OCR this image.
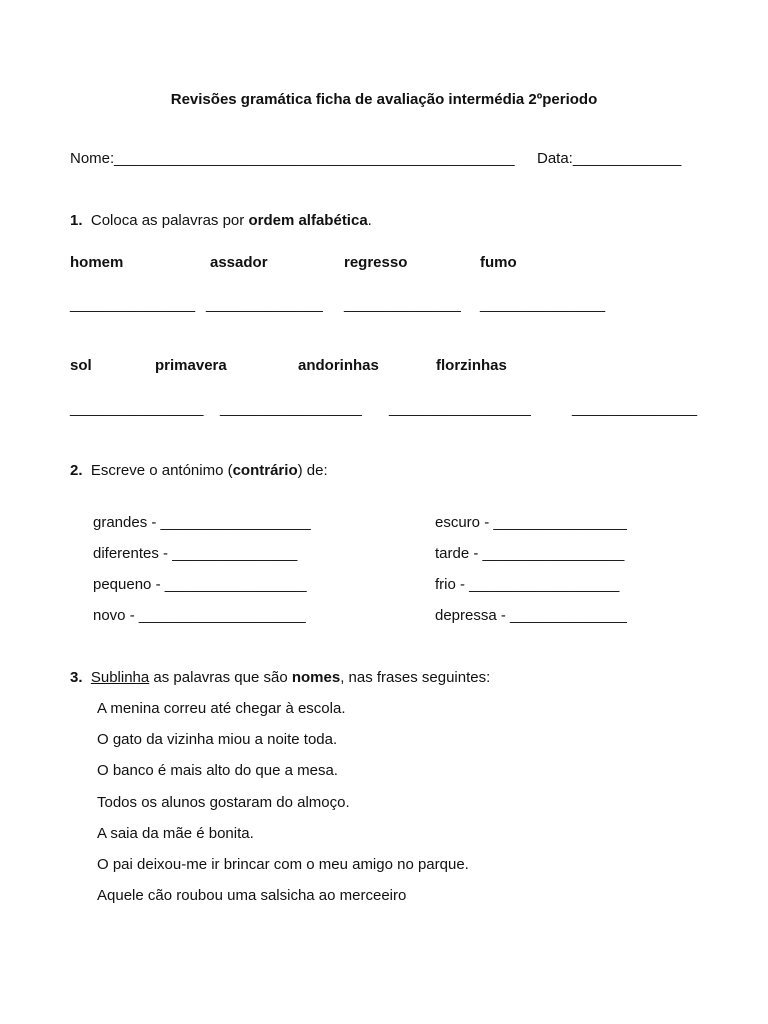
Revisões gramática ficha de avaliação intermédia 2ºperiodo
Nome:________________________________________________ Data:_____________
1. Coloca as palavras por ordem alfabética.
homem	assador	regresso	fumo
_______________ ______________ ______________ _______________
sol	primavera	andorinhas	florzinhas
________________ _________________ _________________	_______________
2. Escreve o antónimo (contrário) de:
grandes - __________________
diferentes - _______________
pequeno - _________________
novo - ____________________
escuro - ________________
tarde - _________________
frio - __________________
depressa - ______________
3. Sublinha as palavras que são nomes, nas frases seguintes:
A menina correu até chegar à escola.
O gato da vizinha miou a noite toda.
O banco é mais alto do que a mesa.
Todos os alunos gostaram do almoço.
A saia da mãe é bonita.
O pai deixou-me ir brincar com o meu amigo no parque.
Aquele cão roubou uma salsicha ao merceeiro
